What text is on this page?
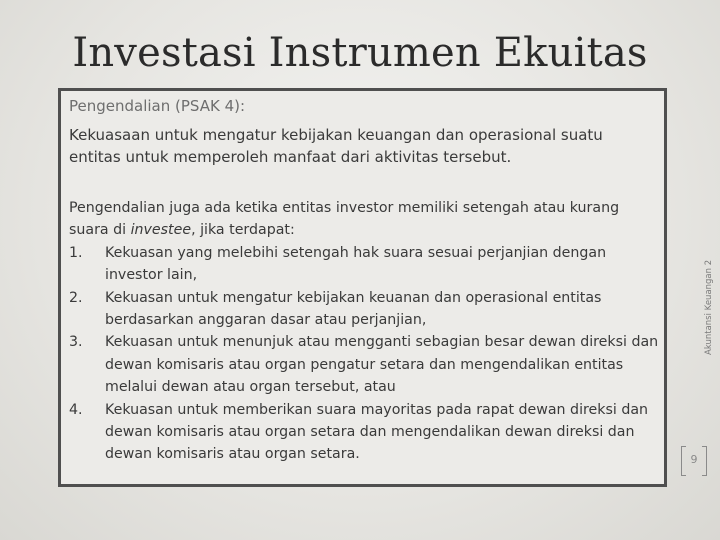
Investasi Instrumen Ekuitas
Pengendalian (PSAK 4):
Kekuasaan untuk mengatur kebijakan keuangan dan operasional suatu entitas untuk memperoleh manfaat dari aktivitas tersebut.

Pengendalian juga ada ketika entitas investor memiliki setengah atau kurang suara di investee, jika terdapat:

1. Kekuasan yang melebihi setengah hak suara sesuai perjanjian dengan investor lain,
2. Kekuasan untuk mengatur kebijakan keuanan dan operasional entitas berdasarkan anggaran dasar atau perjanjian,
3. Kekuasan untuk menunjuk atau mengganti sebagian besar dewan direksi dan dewan komisaris atau organ pengatur setara dan mengendalikan entitas melalui dewan atau organ tersebut, atau
4. Kekuasan untuk memberikan suara mayoritas pada rapat dewan direksi dan dewan komisaris atau organ setara dan mengendalikan dewan direksi dan dewan komisaris atau organ setara.
Akuntansi Keuangan 2
9
